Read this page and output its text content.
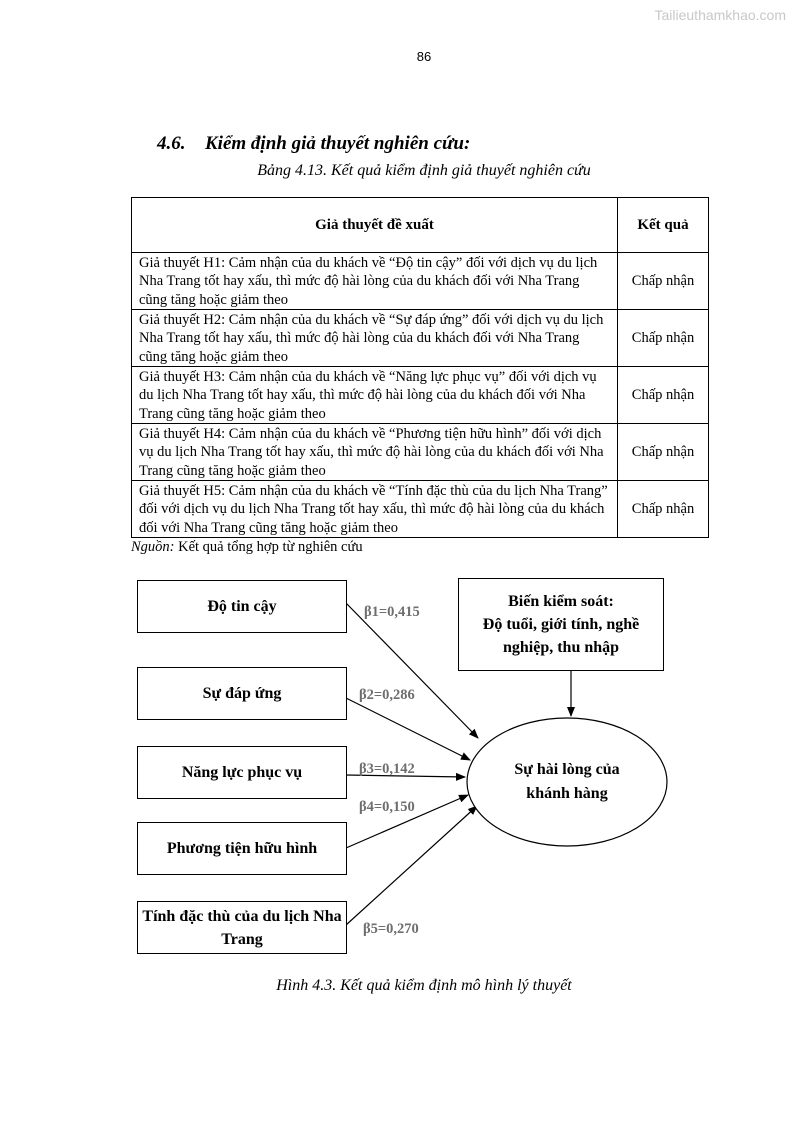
Tailieuthamkhao.com
86
4.6. Kiểm định giả thuyết nghiên cứu:
Bảng 4.13. Kết quả kiểm định giả thuyết nghiên cứu
Giả thuyết đề xuất	Kết quả
Giả thuyết H1: Cảm nhận của du khách về “Độ tin cậy” đối với dịch vụ du lịch Nha Trang tốt hay xấu, thì mức độ hài lòng của du khách đối với Nha Trang cũng tăng hoặc giảm theo	Chấp nhận
Giả thuyết H2: Cảm nhận của du khách về “Sự đáp ứng” đối với dịch vụ du lịch Nha Trang tốt hay xấu, thì mức độ hài lòng của du khách đối với Nha Trang cũng tăng hoặc giảm theo	Chấp nhận
Giả thuyết H3: Cảm nhận của du khách về “Năng lực phục vụ” đối với dịch vụ du lịch Nha Trang tốt hay xấu, thì mức độ hài lòng của du khách đối với Nha Trang cũng tăng hoặc giảm theo	Chấp nhận
Giả thuyết H4: Cảm nhận của du khách về “Phương tiện hữu hình” đối với dịch vụ du lịch Nha Trang tốt hay xấu, thì mức độ hài lòng của du khách đối với Nha Trang cũng tăng hoặc giảm theo	Chấp nhận
Giả thuyết H5: Cảm nhận của du khách về “Tính đặc thù của du lịch Nha Trang” đối với dịch vụ du lịch Nha Trang tốt hay xấu, thì mức độ hài lòng của du khách đối với Nha Trang cũng tăng hoặc giảm theo	Chấp nhận
Nguồn: Kết quả tổng hợp từ nghiên cứu
Độ tin cậy
Sự đáp ứng
Năng lực phục vụ
Phương tiện hữu hình
Tính đặc thù của du lịch Nha Trang
β1=0,415
β2=0,286
β3=0,142
β4=0,150
β5=0,270
Biến kiểm soát:
Độ tuổi, giới tính, nghề nghiệp, thu nhập
Sự hài lòng của khánh hàng
Hình 4.3. Kết quả kiểm định mô hình lý thuyết
